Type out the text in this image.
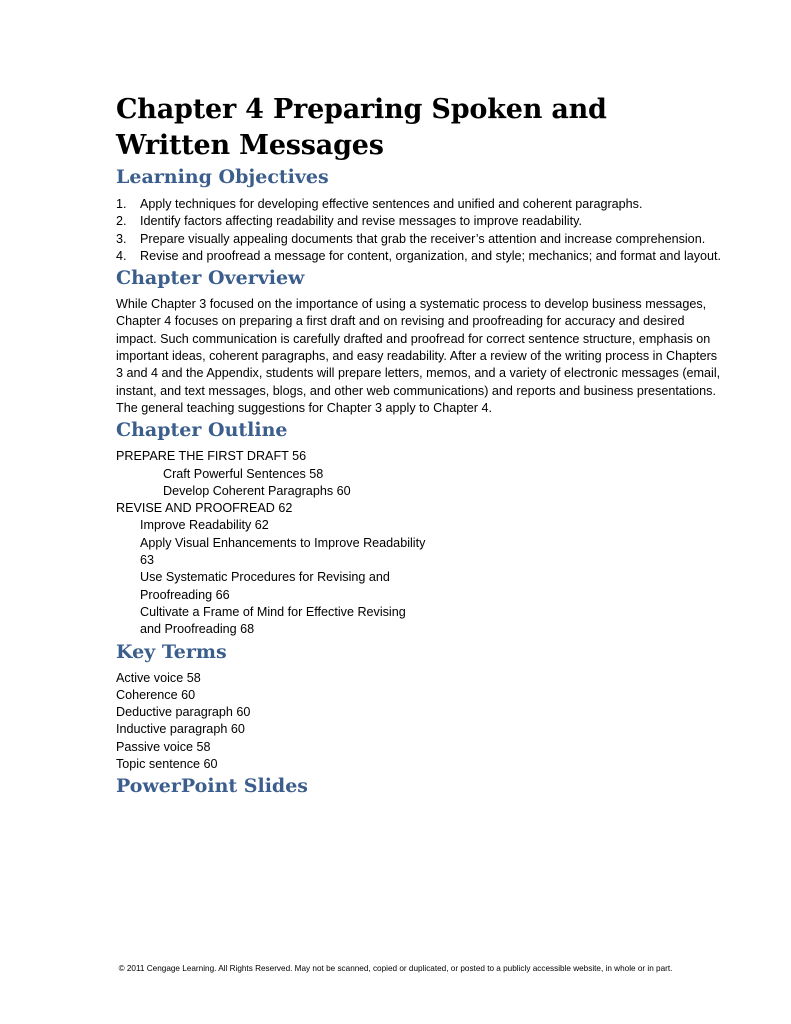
Chapter 4 Preparing Spoken and Written Messages
Learning Objectives
1. Apply techniques for developing effective sentences and unified and coherent paragraphs.
2. Identify factors affecting readability and revise messages to improve readability.
3. Prepare visually appealing documents that grab the receiver’s attention and increase comprehension.
4. Revise and proofread a message for content, organization, and style; mechanics; and format and layout.
Chapter Overview

While Chapter 3 focused on the importance of using a systematic process to develop business messages, Chapter 4 focuses on preparing a first draft and on revising and proofreading for accuracy and desired impact. Such communication is carefully drafted and proofread for correct sentence structure, emphasis on important ideas, coherent paragraphs, and easy readability. After a review of the writing process in Chapters 3 and 4 and the Appendix, students will prepare letters, memos, and a variety of electronic messages (email, instant, and text messages, blogs, and other web communications) and reports and business presentations. The general teaching suggestions for Chapter 3 apply to Chapter 4.

Chapter Outline
PREPARE THE FIRST DRAFT 56
Craft Powerful Sentences 58
Develop Coherent Paragraphs 60
REVISE AND PROOFREAD 62
Improve Readability 62
Apply Visual Enhancements to Improve Readability 63
Use Systematic Procedures for Revising and Proofreading 66
Cultivate a Frame of Mind for Effective Revising and Proofreading 68
Key Terms
Active voice 58
Coherence 60
Deductive paragraph 60
Inductive paragraph 60
Passive voice 58
Topic sentence 60
PowerPoint Slides
© 2011 Cengage Learning. All Rights Reserved. May not be scanned, copied or duplicated, or posted to a publicly accessible website, in whole or in part.
